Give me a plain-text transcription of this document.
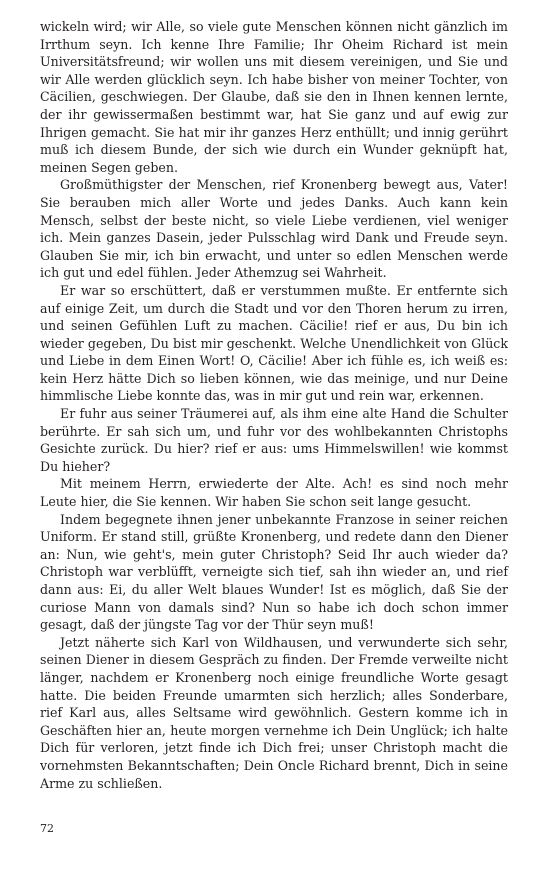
wickeln wird; wir Alle, so viele gute Menschen können nicht gänzlich im Irrthum seyn. Ich kenne Ihre Familie; Ihr Oheim Richard ist mein Universitätsfreund; wir wollen uns mit diesem vereinigen, und Sie und wir Alle werden glücklich seyn. Ich habe bisher von meiner Tochter, von Cäcilien, geschwiegen. Der Glaube, daß sie den in Ihnen kennen lernte, der ihr gewissermaßen bestimmt war, hat Sie ganz und auf ewig zur Ihrigen gemacht. Sie hat mir ihr ganzes Herz enthüllt; und innig gerührt muß ich diesem Bunde, der sich wie durch ein Wunder geknüpft hat, meinen Segen geben.

Großmüthigster der Menschen, rief Kronenberg bewegt aus, Vater! Sie berauben mich aller Worte und jedes Danks. Auch kann kein Mensch, selbst der beste nicht, so viele Liebe verdienen, viel weniger ich. Mein ganzes Dasein, jeder Pulsschlag wird Dank und Freude seyn. Glauben Sie mir, ich bin erwacht, und unter so edlen Menschen werde ich gut und edel fühlen. Jeder Athemzug sei Wahrheit.

Er war so erschüttert, daß er verstummen mußte. Er entfernte sich auf einige Zeit, um durch die Stadt und vor den Thoren herum zu irren, und seinen Gefühlen Luft zu machen. Cäcilie! rief er aus, Du bin ich wieder gegeben, Du bist mir geschenkt. Welche Unendlichkeit von Glück und Liebe in dem Einen Wort! O, Cäcilie! Aber ich fühle es, ich weiß es: kein Herz hätte Dich so lieben können, wie das meinige, und nur Deine himmlische Liebe konnte das, was in mir gut und rein war, erkennen.

Er fuhr aus seiner Träumerei auf, als ihm eine alte Hand die Schulter berührte. Er sah sich um, und fuhr vor des wohlbekannten Christophs Gesichte zurück. Du hier? rief er aus: ums Himmelswillen! wie kommst Du hieher?

Mit meinem Herrn, erwiederte der Alte. Ach! es sind noch mehr Leute hier, die Sie kennen. Wir haben Sie schon seit lange gesucht.

Indem begegnete ihnen jener unbekannte Franzose in seiner reichen Uniform. Er stand still, grüßte Kronenberg, und redete dann den Diener an: Nun, wie geht's, mein guter Christoph? Seid Ihr auch wieder da? Christoph war verblüfft, verneigte sich tief, sah ihn wieder an, und rief dann aus: Ei, du aller Welt blaues Wunder! Ist es möglich, daß Sie der curiose Mann von damals sind? Nun so habe ich doch schon immer gesagt, daß der jüngste Tag vor der Thür seyn muß!

Jetzt näherte sich Karl von Wildhausen, und verwunderte sich sehr, seinen Diener in diesem Gespräch zu finden. Der Fremde verweilte nicht länger, nachdem er Kronenberg noch einige freundliche Worte gesagt hatte. Die beiden Freunde umarmten sich herzlich; alles Sonderbare, rief Karl aus, alles Seltsame wird gewöhnlich. Gestern komme ich in Geschäften hier an, heute morgen vernehme ich Dein Unglück; ich halte Dich für verloren, jetzt finde ich Dich frei; unser Christoph macht die vornehmsten Bekanntschaften; Dein Oncle Richard brennt, Dich in seine Arme zu schließen.

72
